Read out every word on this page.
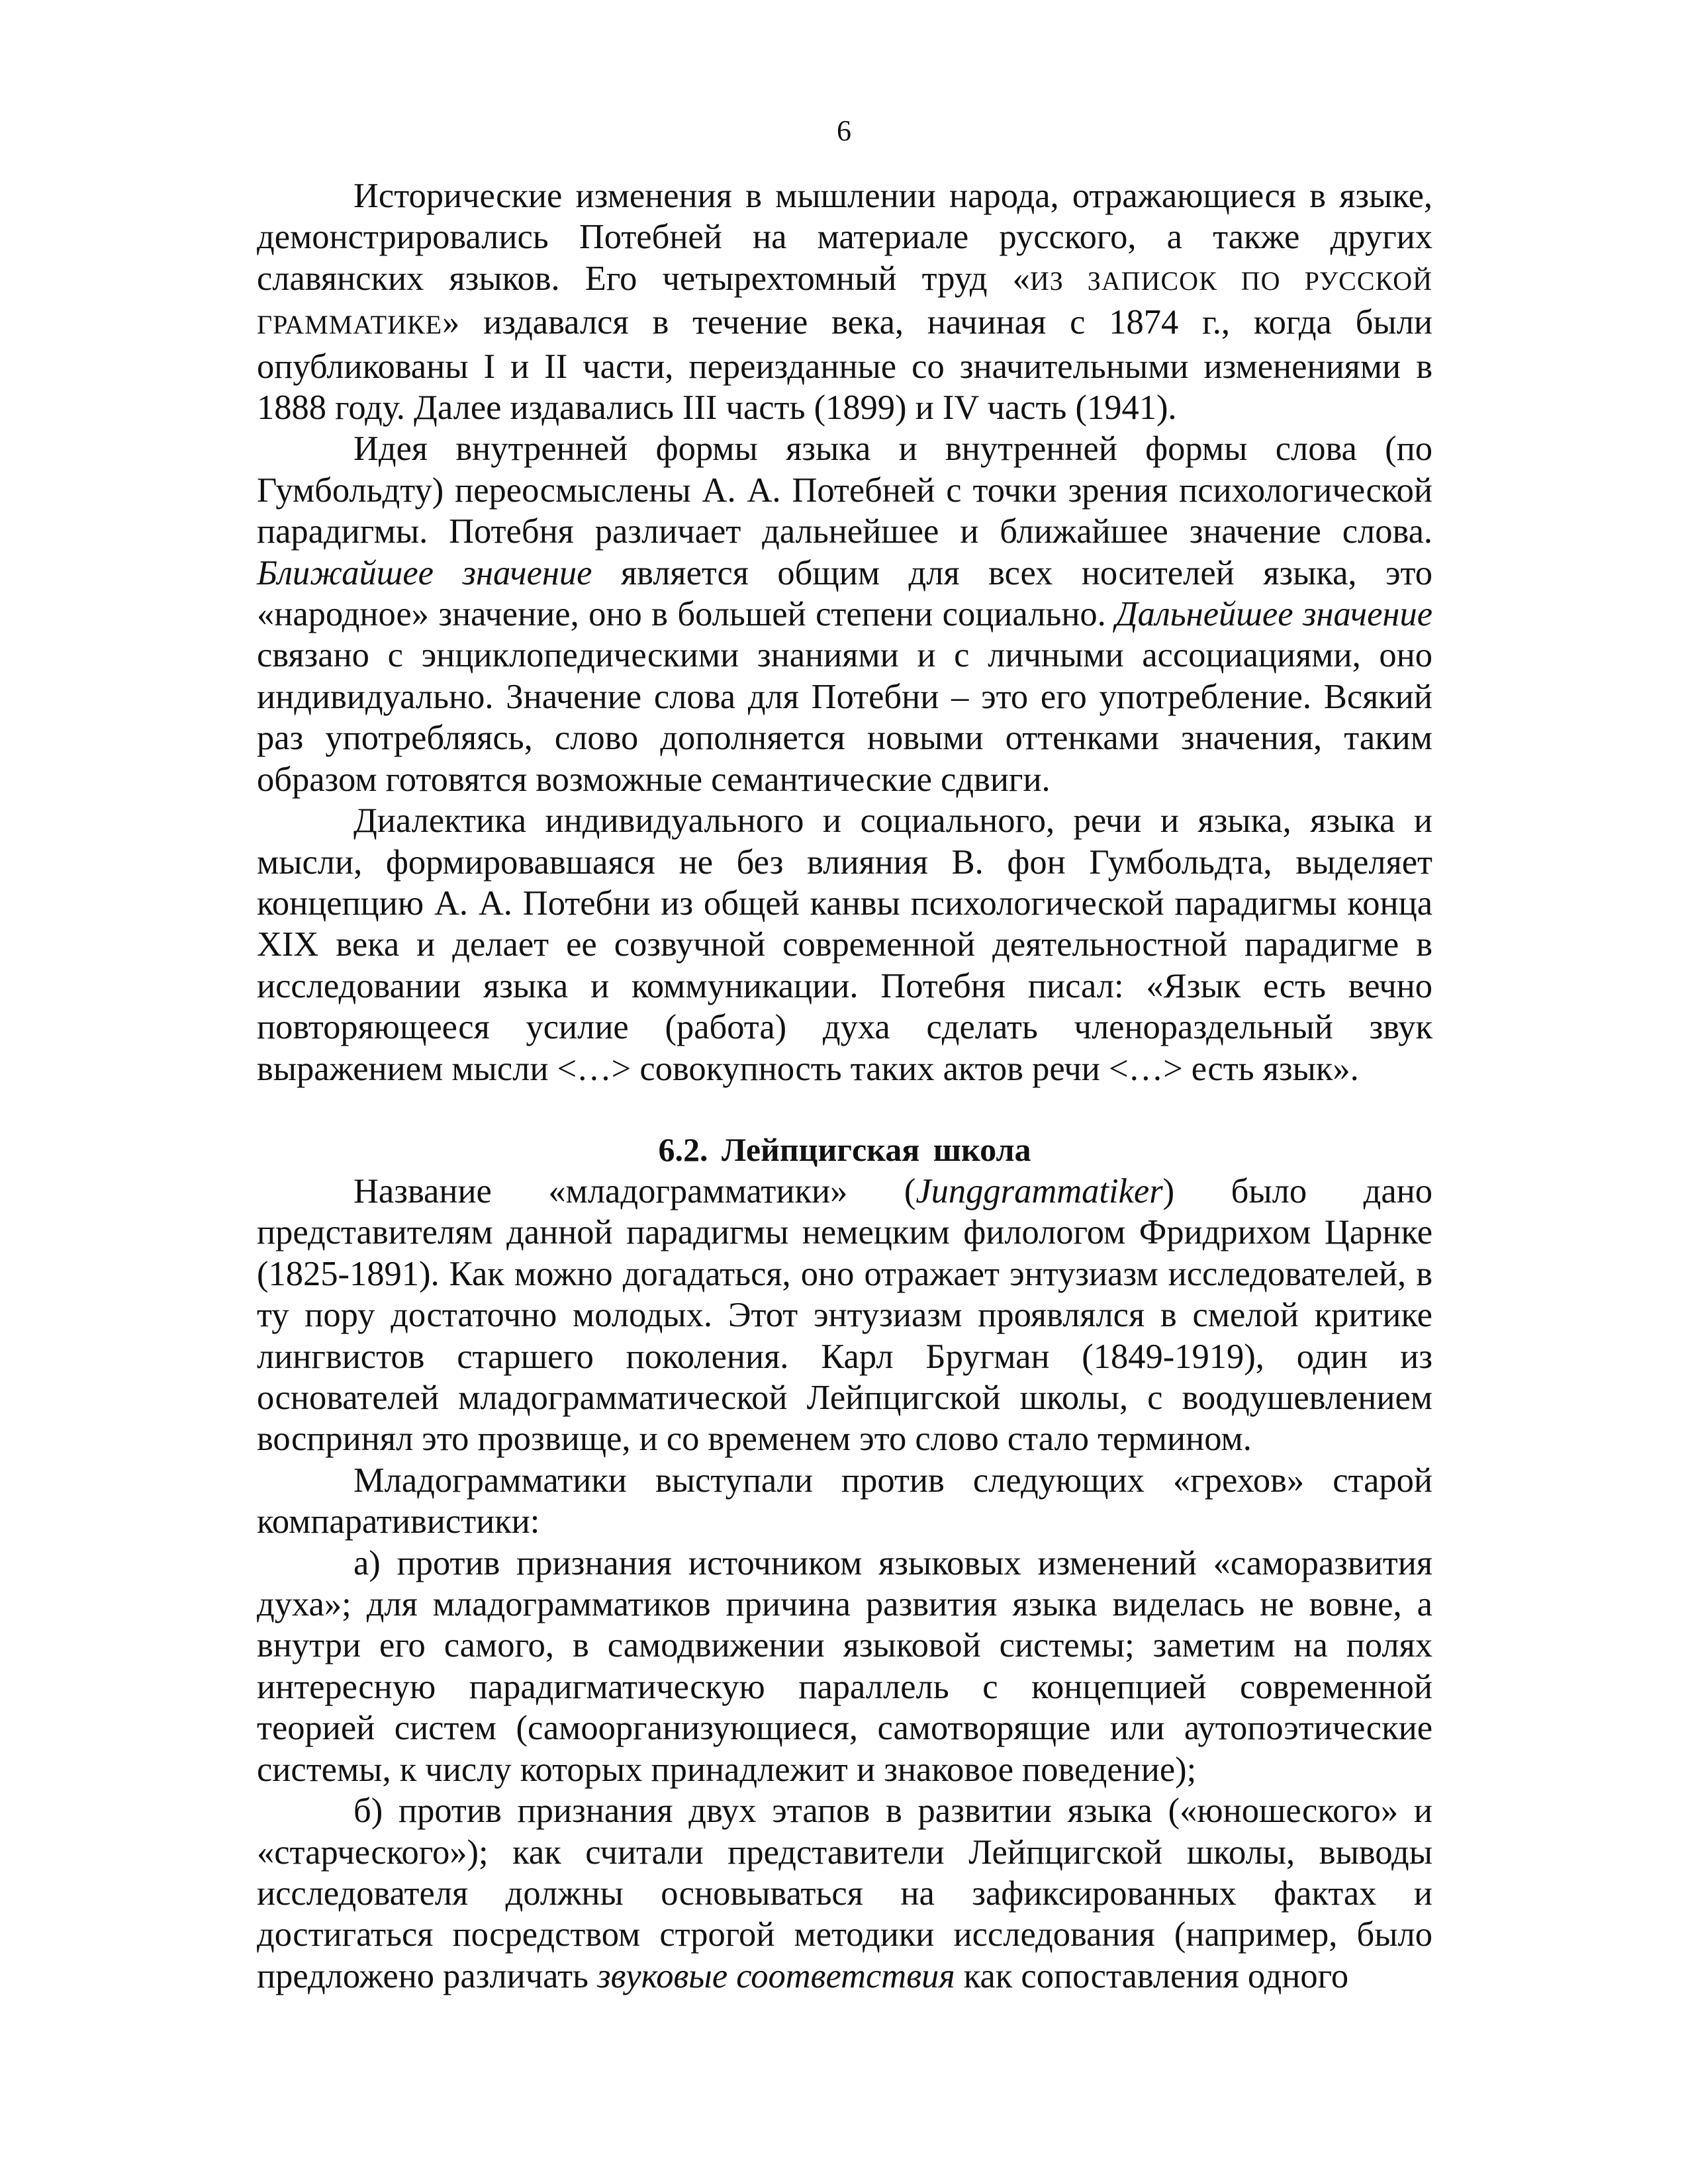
6

Исторические изменения в мышлении народа, отражающиеся в языке, демонстрировались Потебней на материале русского, а также других славянских языков. Его четырехтомный труд «ИЗ ЗАПИСОК ПО РУССКОЙ ГРАММАТИКЕ» издавался в течение века, начиная с 1874 г., когда были опубликованы I и II части, переизданные со значительными изменениями в 1888 году. Далее издавались III часть (1899) и IV часть (1941).

Идея внутренней формы языка и внутренней формы слова (по Гумбольдту) переосмыслены А. А. Потебней с точки зрения психологической парадигмы. Потебня различает дальнейшее и ближайшее значение слова. Ближайшее значение является общим для всех носителей языка, это «народное» значение, оно в большей степени социально. Дальнейшее значение связано с энциклопедическими знаниями и с личными ассоциациями, оно индивидуально. Значение слова для Потебни – это его употребление. Всякий раз употребляясь, слово дополняется новыми оттенками значения, таким образом готовятся возможные семантические сдвиги.

Диалектика индивидуального и социального, речи и языка, языка и мысли, формировавшаяся не без влияния В. фон Гумбольдта, выделяет концепцию А. А. Потебни из общей канвы психологической парадигмы конца XIX века и делает ее созвучной современной деятельностной парадигме в исследовании языка и коммуникации. Потебня писал: «Язык есть вечно повторяющееся усилие (работа) духа сделать членораздельный звук выражением мысли <…> совокупность таких актов речи <…> есть язык».

6.2. Лейпцигская школа

Название «младограмматики» (Junggrammatiker) было дано представителям данной парадигмы немецким филологом Фридрихом Царнке (1825-1891). Как можно догадаться, оно отражает энтузиазм исследователей, в ту пору достаточно молодых. Этот энтузиазм проявлялся в смелой критике лингвистов старшего поколения. Карл Бругман (1849-1919), один из основателей младограмматической Лейпцигской школы, с воодушевлением воспринял это прозвище, и со временем это слово стало термином.

Младограмматики выступали против следующих «грехов» старой компаративистики:

а) против признания источником языковых изменений «саморазвития духа»; для младограмматиков причина развития языка виделась не вовне, а внутри его самого, в самодвижении языковой системы; заметим на полях интересную парадигматическую параллель с концепцией современной теорией систем (самоорганизующиеся, самотворящие или аутопоэтические системы, к числу которых принадлежит и знаковое поведение);

б) против признания двух этапов в развитии языка («юношеского» и «старческого»); как считали представители Лейпцигской школы, выводы исследователя должны основываться на зафиксированных фактах и достигаться посредством строгой методики исследования (например, было предложено различать звуковые соответствия как сопоставления одного
